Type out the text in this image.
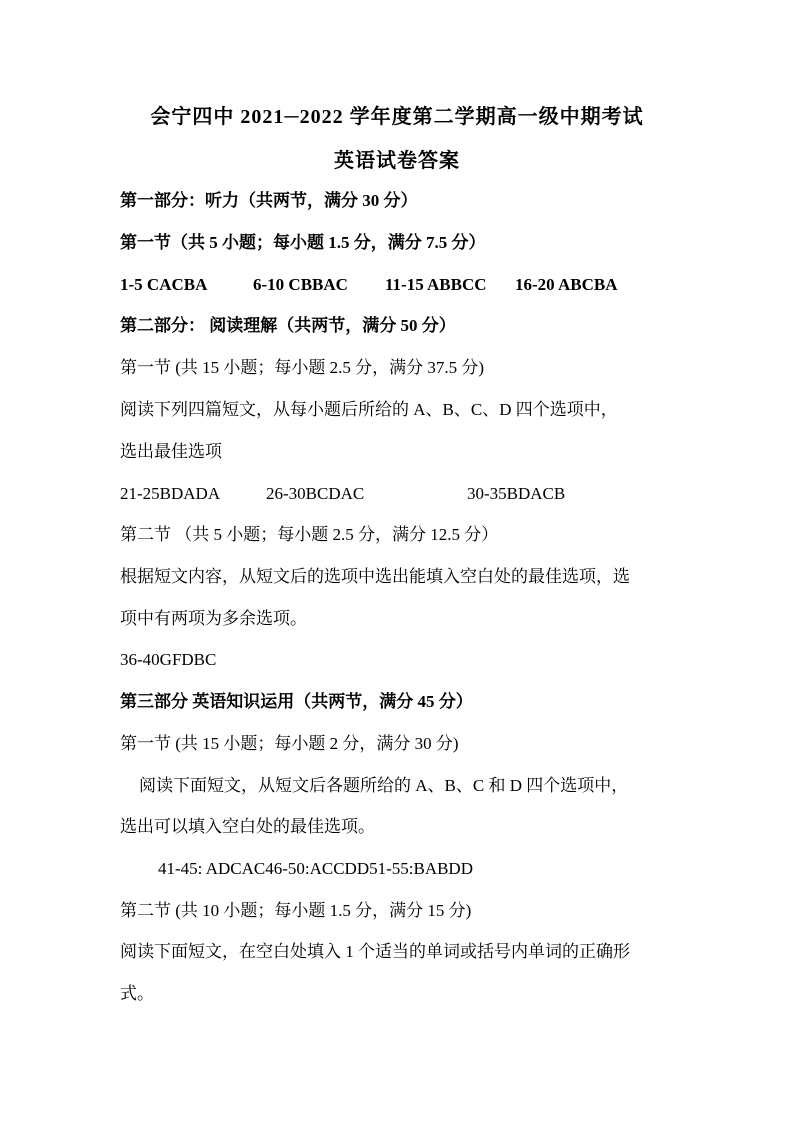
会宁四中 2021─2022 学年度第二学期高一级中期考试
英语试卷答案
第一部分：听力（共两节，满分 30 分）
第一节（共 5 小题；每小题 1.5 分，满分 7.5 分）
1-5 CACBA	6-10 CBBAC	11-15 ABBCC	16-20 ABCBA
第二部分： 阅读理解（共两节，满分 50 分）
第一节 (共 15 小题；每小题 2.5 分，满分 37.5 分)
阅读下列四篇短文，从每小题后所给的 A、B、C、D 四个选项中，
选出最佳选项
21-25BDADA	26-30BCDAC	30-35BDACB
第二节 （共 5 小题；每小题 2.5 分，满分 12.5 分）
根据短文内容，从短文后的选项中选出能填入空白处的最佳选项，选
项中有两项为多余选项。
36-40GFDBC
第三部分 英语知识运用（共两节，满分 45 分）
第一节 (共 15 小题；每小题 2 分，满分 30 分)
阅读下面短文，从短文后各题所给的 A、B、C 和 D 四个选项中，
选出可以填入空白处的最佳选项。
41-45: ADCAC46-50:ACCDD51-55:BABDD
第二节 (共 10 小题；每小题 1.5 分，满分 15 分)
阅读下面短文，在空白处填入 1 个适当的单词或括号内单词的正确形
式。
